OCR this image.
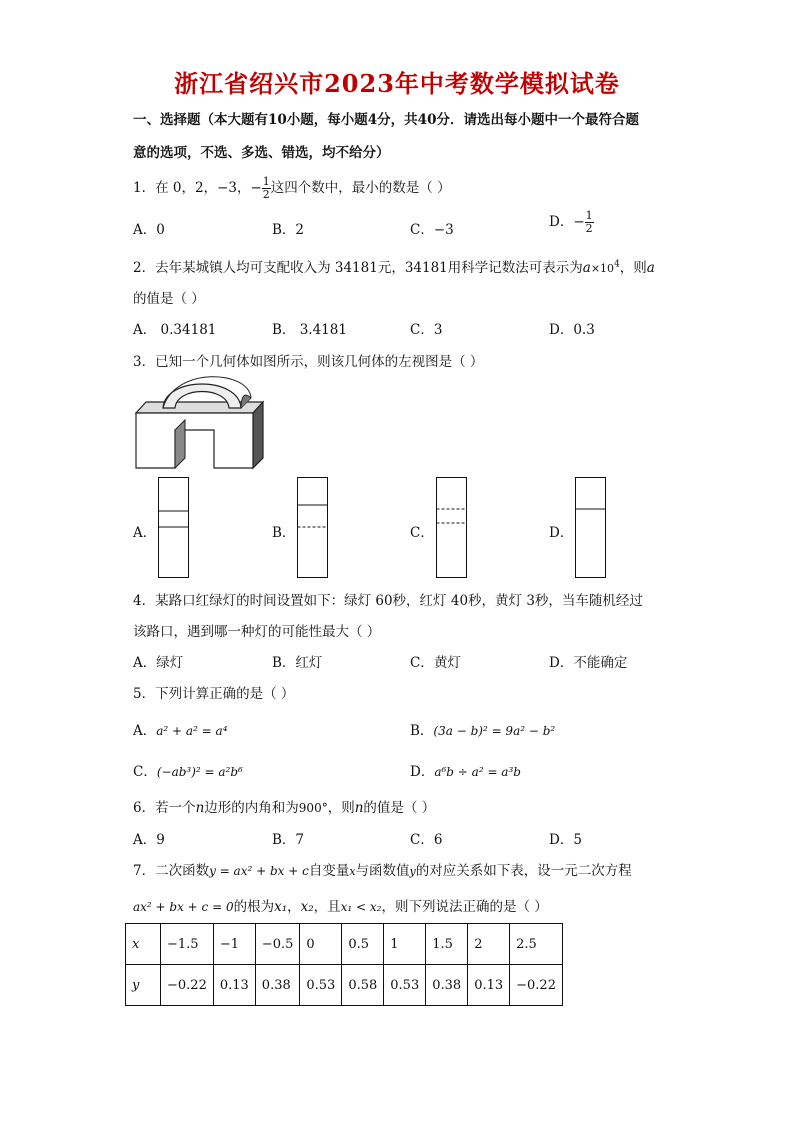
浙江省绍兴市2023年中考数学模拟试卷
一、选择题（本大题有10小题，每小题4分，共40分．请选出每小题中一个最符合题
意的选项，不选、多选、错选，均不给分）
1．在 0，2，−3，− $\frac{1}{2}$ 这四个数中，最小的数是（ ）
A．0	B．2	C．−3	D．− $\frac{1}{2}$
2．去年某城镇人均可支配收入为 34181元，34181用科学记数法可表示为$a\times 10^4$，则a
的值是（ ）
A． 0.34181	B． 3.4181	C．3	D．0.3
3．已知一个几何体如图所示，则该几何体的左视图是（ ）
A．	B．	C．	D．
4．某路口红绿灯的时间设置如下：绿灯 60秒，红灯 40秒，黄灯 3秒，当车随机经过
该路口，遇到哪一种灯的可能性最大（ ）
A．绿灯	B．红灯	C．黄灯	D．不能确定
5．下列计算正确的是（ ）
A．a² + a² = a⁴	B．(3a − b)² = 9a² − b²
C．(−ab³)² = a²b⁶	D．a⁶b ÷ a² = a³b
6．若一个n边形的内角和为900°，则n的值是（ ）
A．9	B．7	C．6	D．5
7．二次函数y = ax² + bx + c自变量x与函数值y的对应关系如下表，设一元二次方程
ax² + bx + c = 0的根为x₁，x₂，且x₁ < x₂，则下列说法正确的是（ ）
x	−1.5	−1	−0.5	0	0.5	1	1.5	2	2.5
y	−0.22	0.13	0.38	0.53	0.58	0.53	0.38	0.13	−0.22
